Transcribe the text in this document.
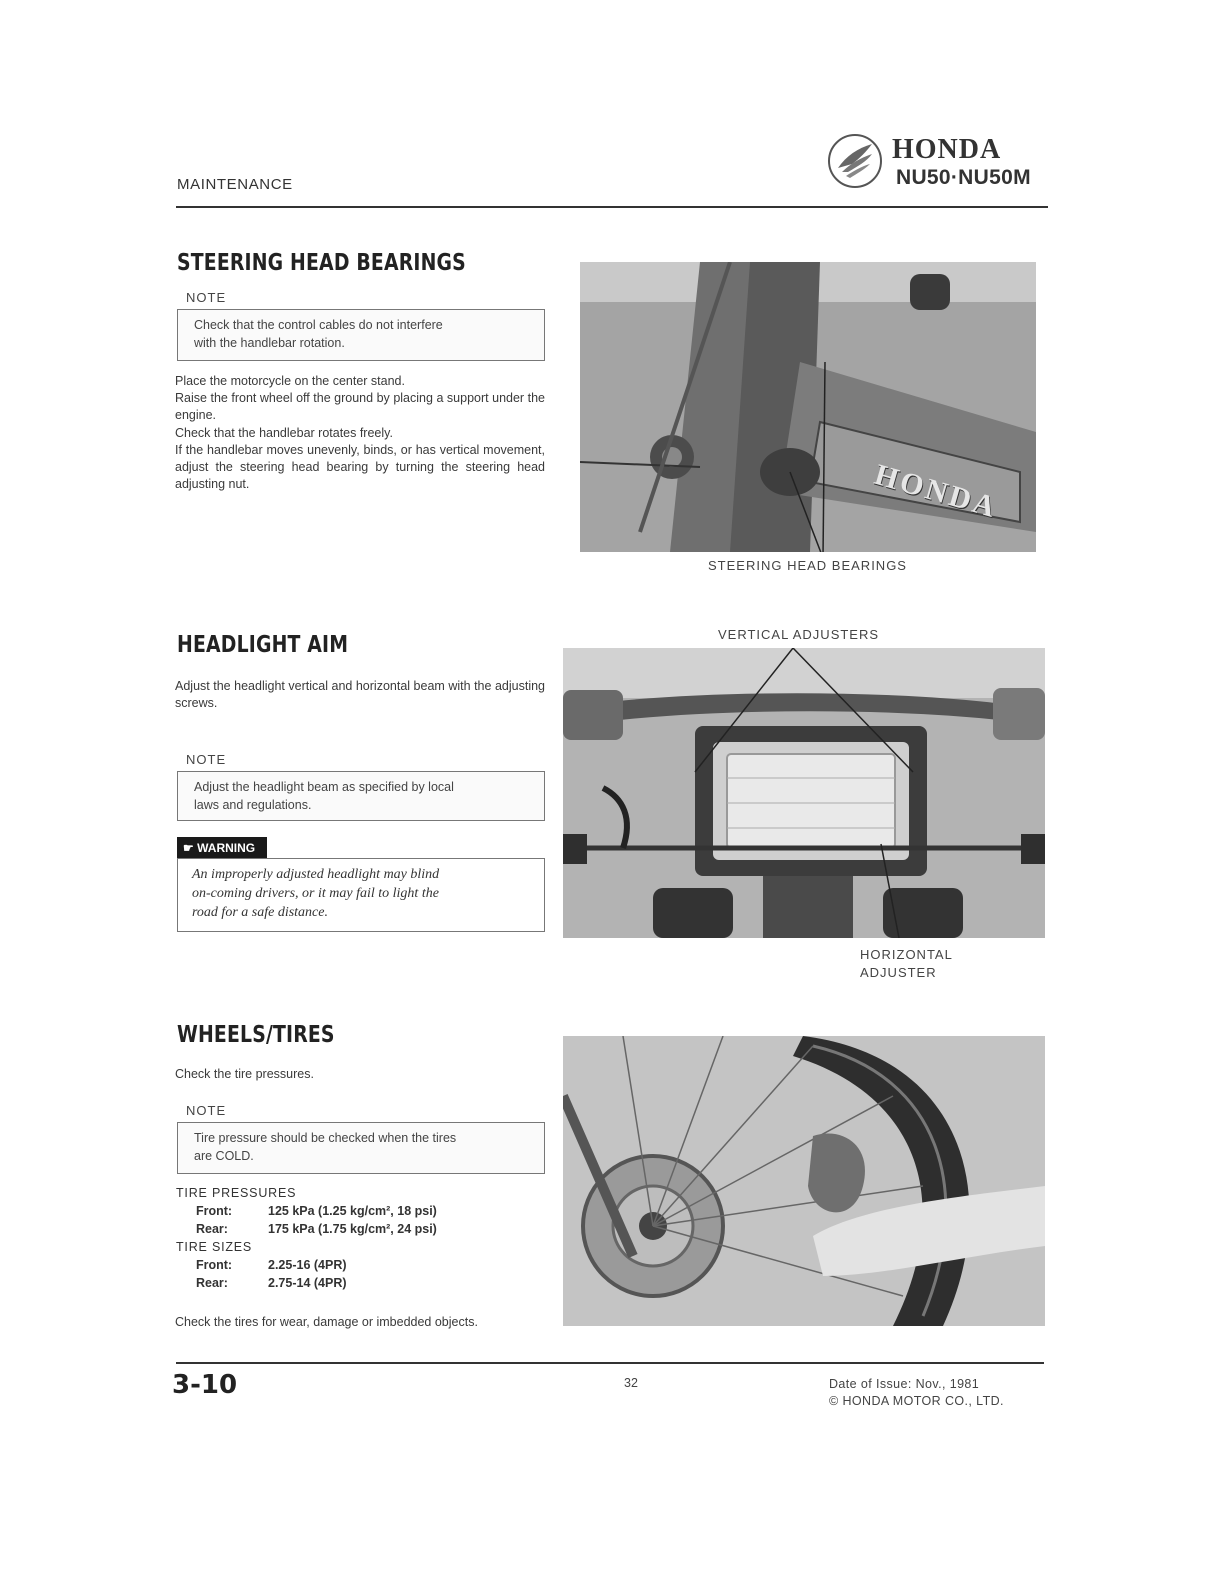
MAINTENANCE
HONDA
NU50·NU50M
STEERING HEAD BEARINGS
NOTE
Check that the control cables do not interfere
with the handlebar rotation.
Place the motorcycle on the center stand.
Raise the front wheel off the ground by placing a support under the engine.
Check that the handlebar rotates freely.
If the handlebar moves unevenly, binds, or has vertical movement, adjust the steering head bearing by turning the steering head adjusting nut.	HONDA
STEERING HEAD BEARINGS
HEADLIGHT AIM
Adjust the headlight vertical and horizontal beam with the adjusting screws.
NOTE
Adjust the headlight beam as specified by local
laws and regulations.
☛ WARNING
An improperly adjusted headlight may blind
on-coming drivers, or it may fail to light the
road for a safe distance.
VERTICAL ADJUSTERS
HORIZONTAL
ADJUSTER
WHEELS/TIRES
Check the tire pressures.
NOTE
Tire pressure should be checked when the tires
are COLD.
TIRE PRESSURES
Front:	125 kPa (1.25 kg/cm², 18 psi)
Rear:	175 kPa (1.75 kg/cm², 24 psi)
TIRE SIZES
Front:	2.25-16 (4PR)
Rear:	2.75-14 (4PR)
Check the tires for wear, damage or imbedded objects.
3-10	32	Date of Issue: Nov., 1981
© HONDA MOTOR CO., LTD.
